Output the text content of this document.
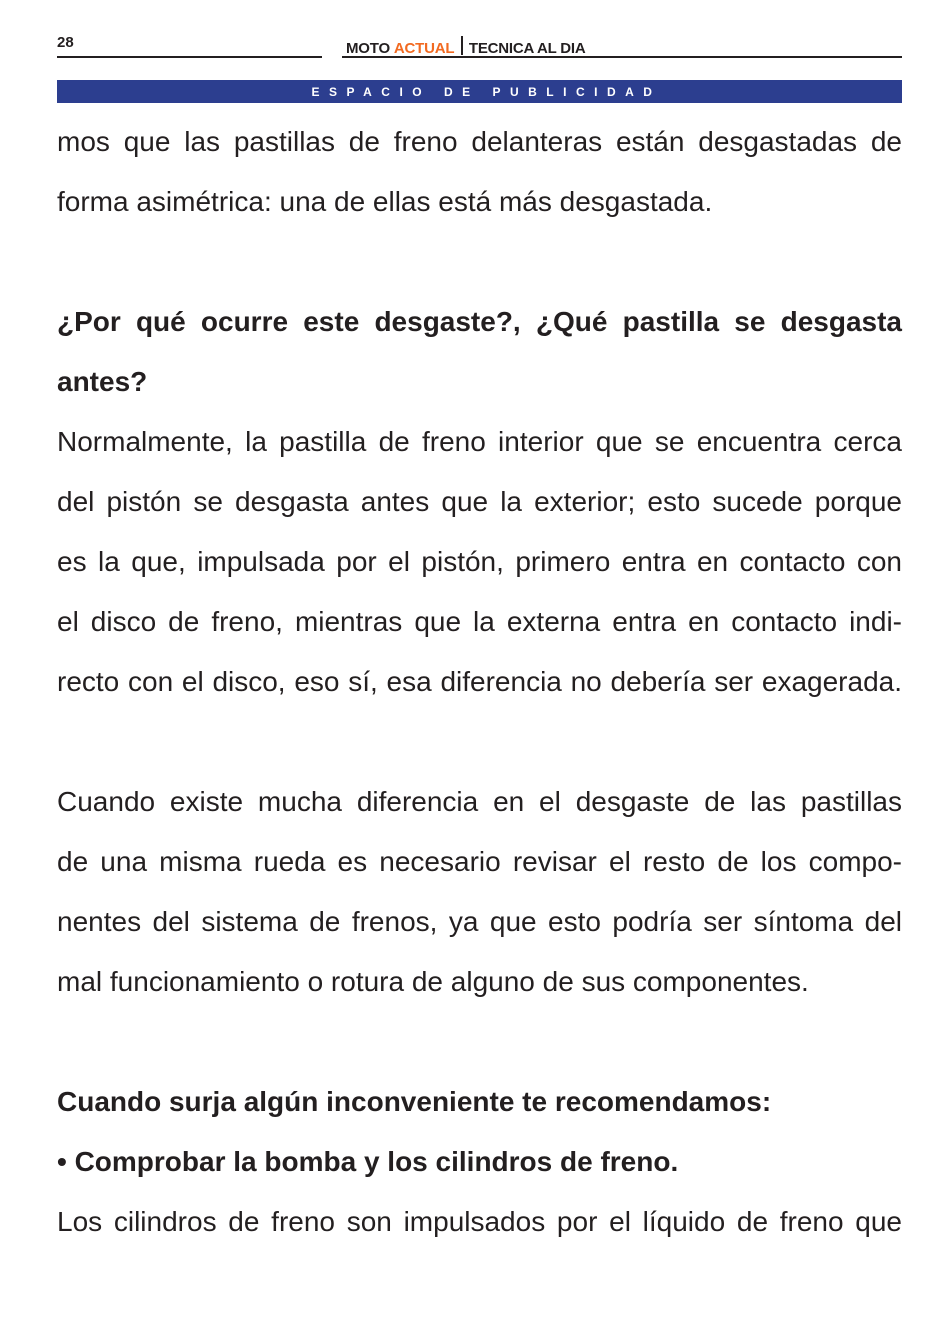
28	MOTO ACTUAL TECNICA AL DIA
ESPACIO DE PUBLICIDAD

mos que las pastillas de freno delanteras están desgastadas de

forma asimétrica: una de ellas está más desgastada.

¿Por qué ocurre este desgaste?, ¿Qué pastilla se desgasta

antes?

Normalmente, la pastilla de freno interior que se encuentra cerca

del pistón se desgasta antes que la exterior; esto sucede porque

es la que, impulsada por el pistón, primero entra en contacto con

el disco de freno, mientras que la externa entra en contacto indi-

recto con el disco, eso sí, esa diferencia no debería ser exagerada.

Cuando existe mucha diferencia en el desgaste de las pastillas

de una misma rueda es necesario revisar el resto de los compo-

nentes del sistema de frenos, ya que esto podría ser síntoma del

mal funcionamiento o rotura de alguno de sus componentes.

Cuando surja algún inconveniente te recomendamos:

• Comprobar la bomba y los cilindros de freno.

Los cilindros de freno son impulsados por el líquido de freno que
